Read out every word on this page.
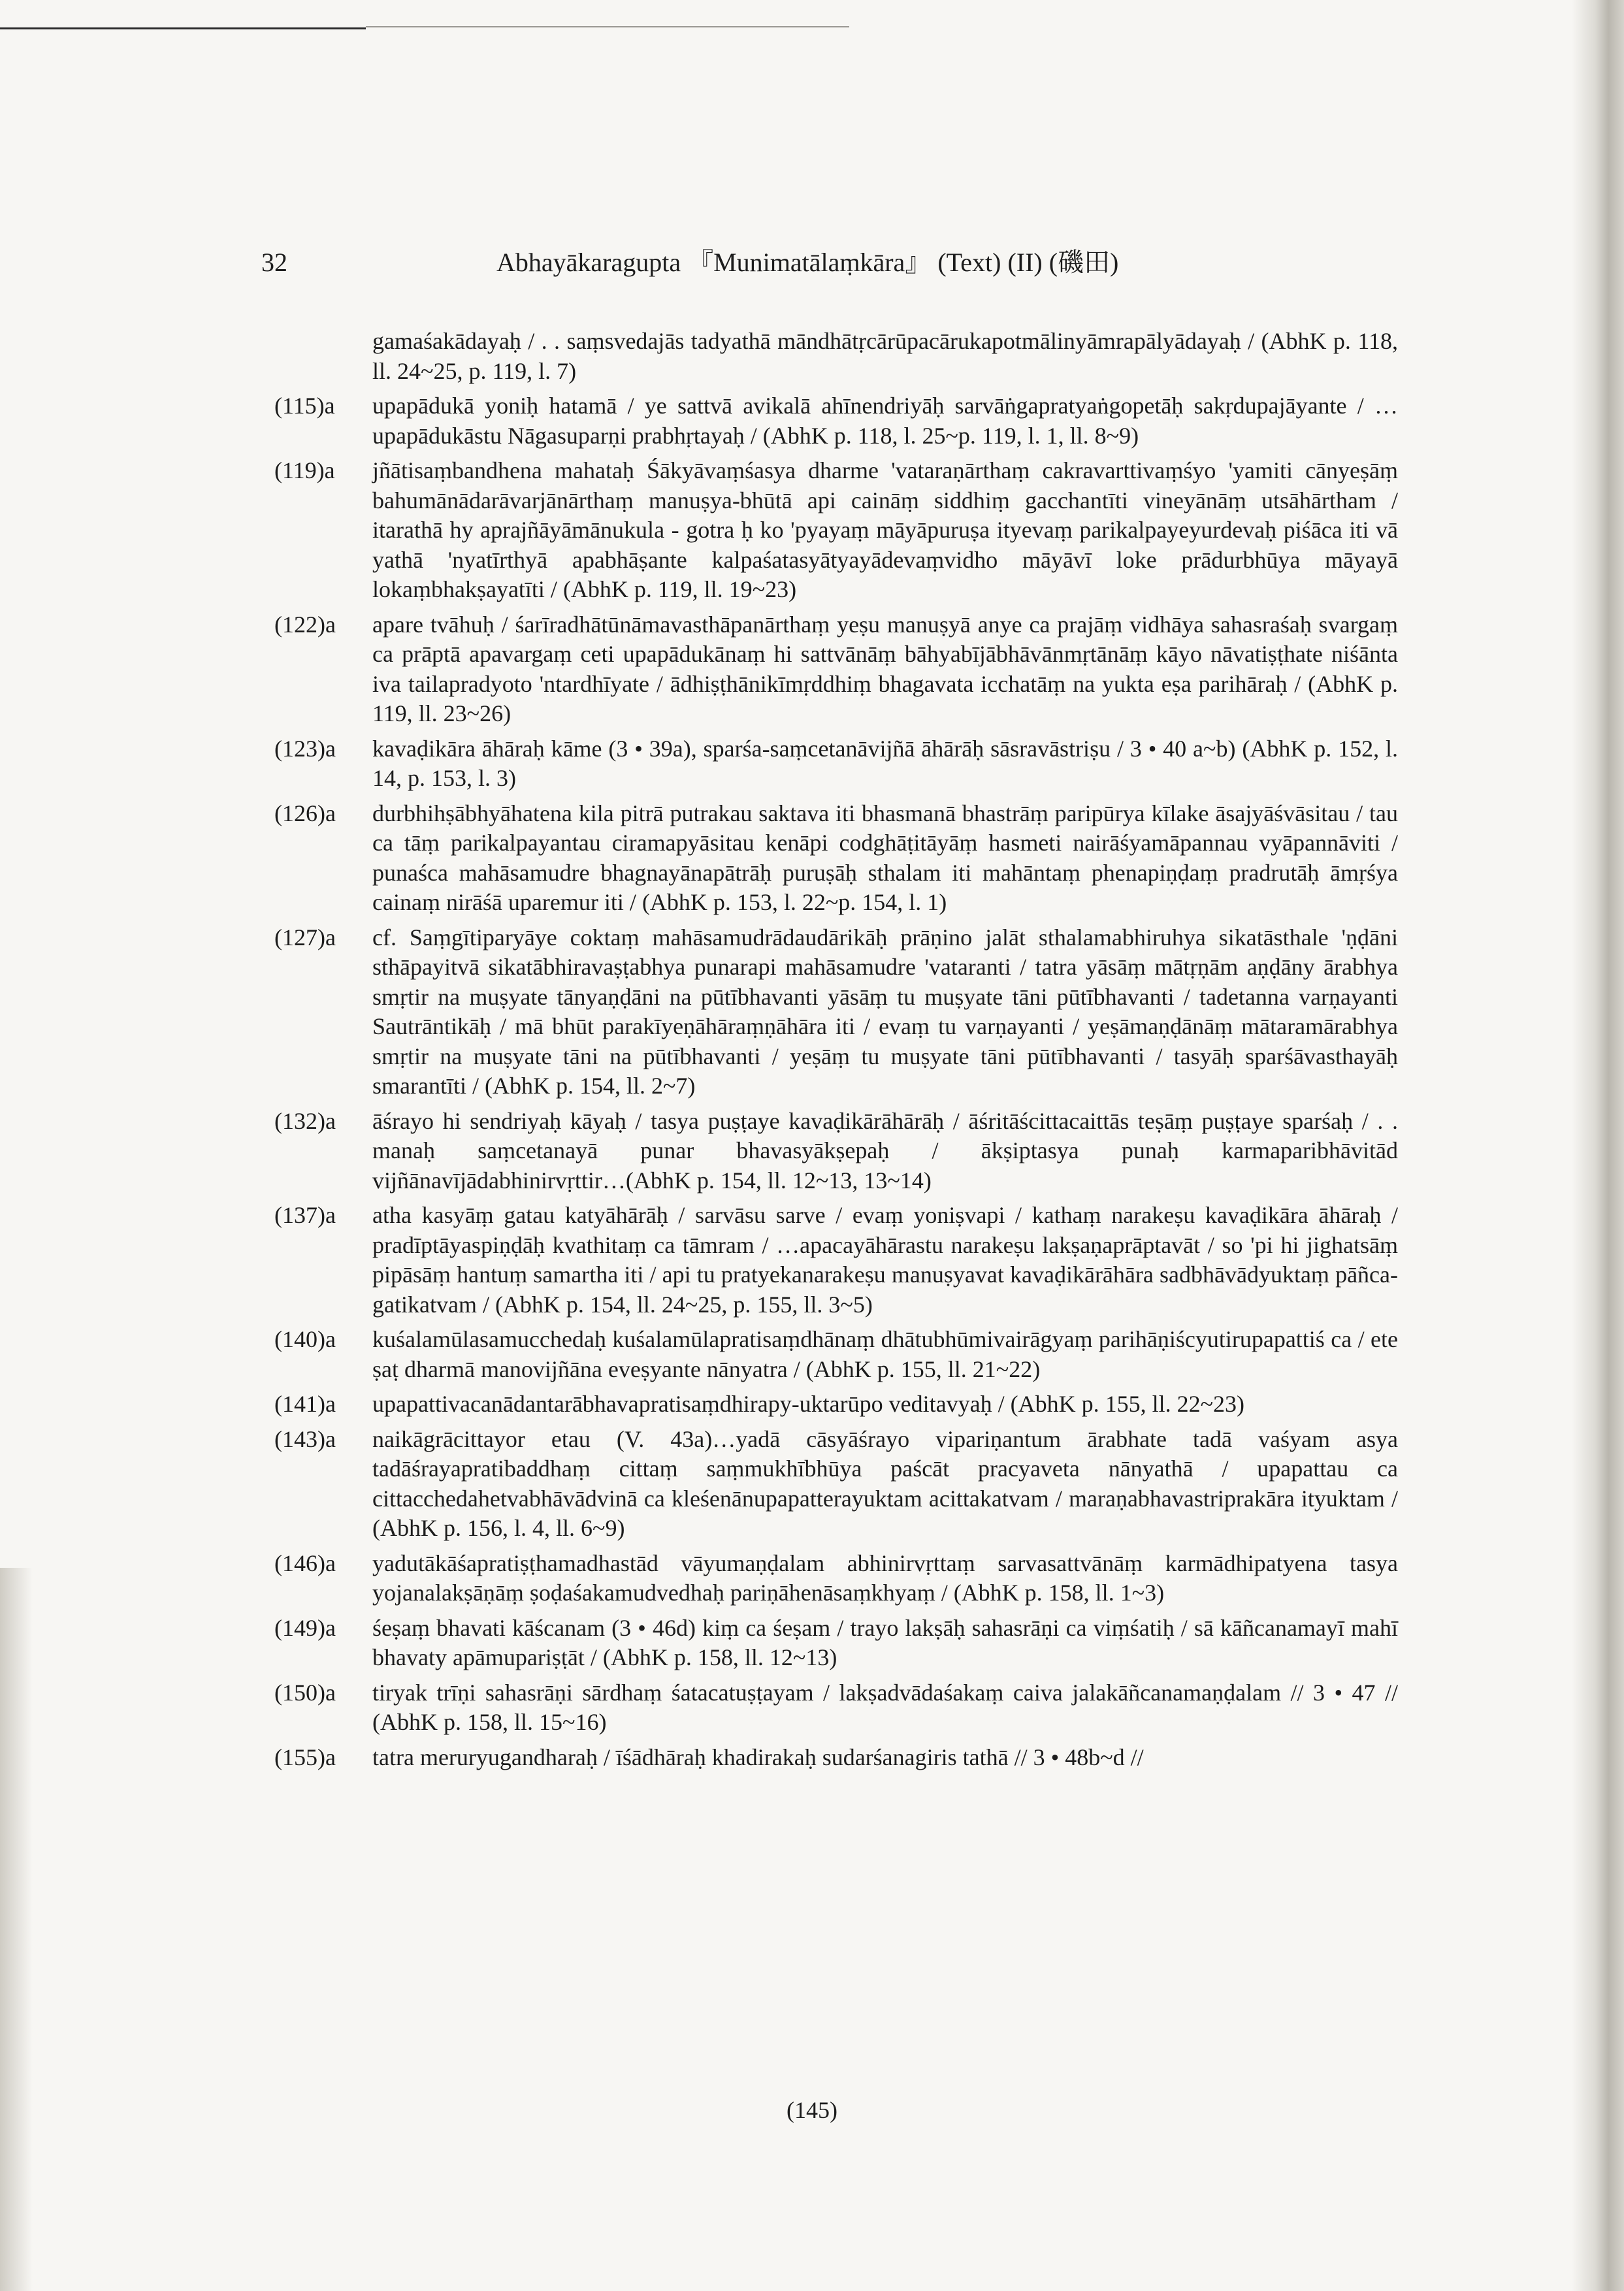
32	Abhayākaragupta 『Munimatālaṃkāra』 (Text) (II) (磯田)
gamaśakādayaḥ / . . saṃsvedajās tadyathā māndhātṛcārūpacārukapotmālinyāmrapālyādayaḥ / (AbhK p. 118, ll. 24~25, p. 119, l. 7)
(115)a	upapādukā yoniḥ hatamā / ye sattvā avikalā ahīnendriyāḥ sarvāṅgapratyaṅgopetāḥ sakṛdupajāyante / …upapādukāstu Nāgasuparṇi prabhṛtayaḥ / (AbhK p. 118, l. 25~p. 119, l. 1, ll. 8~9)
(119)a	jñātisaṃbandhena mahataḥ Śākyāvaṃśasya dharme 'vataraṇārthaṃ cakravarttivaṃśyo 'yamiti cānyeṣāṃ bahumānādarāvarjānārthaṃ manuṣya-bhūtā api caināṃ siddhiṃ gacchantīti vineyānāṃ utsāhārtham / itarathā hy aprajñāyāmānukula - gotra ḥ ko 'pyayaṃ māyāpuruṣa ityevaṃ parikalpayeyurdevaḥ piśāca iti vā yathā 'nyatīrthyā apabhāṣante kalpaśatasyātyayādevaṃvidho māyāvī loke prādurbhūya māyayā lokaṃbhakṣayatīti / (AbhK p. 119, ll. 19~23)
(122)a	apare tvāhuḥ / śarīradhātūnāmavasthāpanārthaṃ yeṣu manuṣyā anye ca prajāṃ vidhāya sahasraśaḥ svargaṃ ca prāptā apavargaṃ ceti upapādukānaṃ hi sattvānāṃ bāhyabījābhāvānmṛtānāṃ kāyo nāvatiṣṭhate niśānta iva tailapradyoto 'ntardhīyate / ādhiṣṭhānikīmṛddhiṃ bhagavata icchatāṃ na yukta eṣa parihāraḥ / (AbhK p. 119, ll. 23~26)
(123)a	kavaḍikāra āhāraḥ kāme (3 • 39a), sparśa-saṃcetanāvijñā āhārāḥ sāsravāstriṣu / 3 • 40 a~b) (AbhK p. 152, l. 14, p. 153, l. 3)
(126)a	durbhihṣābhyāhatena kila pitrā putrakau saktava iti bhasmanā bhastrāṃ paripūrya kīlake āsajyāśvāsitau / tau ca tāṃ parikalpayantau ciramapyāsitau kenāpi codghāṭitāyāṃ hasmeti nairāśyamāpannau vyāpannāviti / punaśca mahāsamudre bhagnayānapātrāḥ puruṣāḥ sthalam iti mahāntaṃ phenapiṇḍaṃ pradrutāḥ āmṛśya cainaṃ nirāśā uparemur iti / (AbhK p. 153, l. 22~p. 154, l. 1)
(127)a	cf. Saṃgītiparyāye coktaṃ mahāsamudrādaudārikāḥ prāṇino jalāt sthalamabhiruhya sikatāsthale 'ṇḍāni sthāpayitvā sikatābhiravaṣṭabhya punarapi mahāsamudre 'vataranti / tatra yāsāṃ mātṛṇām aṇḍāny ārabhya smṛtir na muṣyate tānyaṇḍāni na pūtībhavanti yāsāṃ tu muṣyate tāni pūtībhavanti / tadetanna varṇayanti Sautrāntikāḥ / mā bhūt parakīyeṇāhāraṃṇāhāra iti / evaṃ tu varṇayanti / yeṣāmaṇḍānāṃ mātaramārabhya smṛtir na muṣyate tāni na pūtībhavanti / yeṣāṃ tu muṣyate tāni pūtībhavanti / tasyāḥ sparśāvasthayāḥ smarantīti / (AbhK p. 154, ll. 2~7)
(132)a	āśrayo hi sendriyaḥ kāyaḥ / tasya puṣṭaye kavaḍikārāhārāḥ / āśritāścittacaittās teṣāṃ puṣṭaye sparśaḥ / . . manaḥ saṃcetanayā punar bhavasyākṣepaḥ / ākṣiptasya punaḥ karmaparibhāvitād vijñānavījādabhinirvṛttir…(AbhK p. 154, ll. 12~13, 13~14)
(137)a	atha kasyāṃ gatau katyāhārāḥ / sarvāsu sarve / evaṃ yoniṣvapi / kathaṃ narakeṣu kavaḍikāra āhāraḥ / pradīptāyaspiṇḍāḥ kvathitaṃ ca tāmram / …apacayāhārastu narakeṣu lakṣaṇaprāptavāt / so 'pi hi jighatsāṃ pipāsāṃ hantuṃ samartha iti / api tu pratyekanarakeṣu manuṣyavat kavaḍikārāhāra sadbhāvādyuktaṃ pāñca-gatikatvam / (AbhK p. 154, ll. 24~25, p. 155, ll. 3~5)
(140)a	kuśalamūlasamucchedaḥ kuśalamūlapratisaṃdhānaṃ dhātubhūmivairāgyaṃ parihāṇiścyutirupapattiś ca / ete ṣaṭ dharmā manovijñāna eveṣyante nānyatra / (AbhK p. 155, ll. 21~22)
(141)a	upapattivacanādantarābhavapratisaṃdhirapy-uktarūpo veditavyaḥ / (AbhK p. 155, ll. 22~23)
(143)a	naikāgrācittayor etau (V. 43a)…yadā cāsyāśrayo vipariṇantum ārabhate tadā vaśyam asya tadāśrayapratibaddhaṃ cittaṃ saṃmukhībhūya paścāt pracyaveta nānyathā / upapattau ca cittacchedahetvabhāvādvinā ca kleśenānupapatterayuktam acittakatvam / maraṇabhavastriprakāra ityuktam / (AbhK p. 156, l. 4, ll. 6~9)
(146)a	yadutākāśapratiṣṭhamadhastād vāyumaṇḍalam abhinirvṛttaṃ sarvasattvānāṃ karmādhipatyena tasya yojanalakṣāṇāṃ ṣoḍaśakamudvedhaḥ pariṇāhenāsaṃkhyaṃ / (AbhK p. 158, ll. 1~3)
(149)a	śeṣaṃ bhavati kāścanam (3 • 46d) kiṃ ca śeṣam / trayo lakṣāḥ sahasrāṇi ca viṃśatiḥ / sā kāñcanamayī mahī bhavaty apāmupariṣṭāt / (AbhK p. 158, ll. 12~13)
(150)a	tiryak trīṇi sahasrāṇi sārdhaṃ śatacatuṣṭayam / lakṣadvādaśakaṃ caiva jalakāñcanamaṇḍalam // 3 • 47 // (AbhK p. 158, ll. 15~16)
(155)a	tatra meruryugandharaḥ / īśādhāraḥ khadirakaḥ sudarśanagiris tathā // 3 • 48b~d //
(145)
